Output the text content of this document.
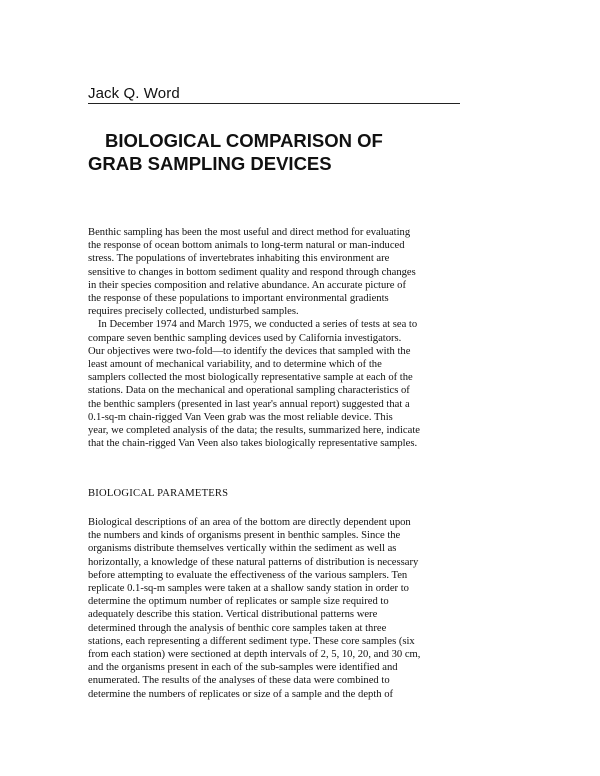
Jack Q. Word
BIOLOGICAL COMPARISON OF
GRAB SAMPLING DEVICES

Benthic sampling has been the most useful and direct method for evaluating
the response of ocean bottom animals to long-term natural or man-induced
stress. The populations of invertebrates inhabiting this environment are
sensitive to changes in bottom sediment quality and respond through changes
in their species composition and relative abundance. An accurate picture of
the response of these populations to important environmental gradients
requires precisely collected, undisturbed samples.

In December 1974 and March 1975, we conducted a series of tests at sea to
compare seven benthic sampling devices used by California investigators.
Our objectives were two-fold—to identify the devices that sampled with the
least amount of mechanical variability, and to determine which of the
samplers collected the most biologically representative sample at each of the
stations. Data on the mechanical and operational sampling characteristics of
the benthic samplers (presented in last year's annual report) suggested that a
0.1-sq-m chain-rigged Van Veen grab was the most reliable device. This
year, we completed analysis of the data; the results, summarized here, indicate
that the chain-rigged Van Veen also takes biologically representative samples.

BIOLOGICAL PARAMETERS

Biological descriptions of an area of the bottom are directly dependent upon
the numbers and kinds of organisms present in benthic samples. Since the
organisms distribute themselves vertically within the sediment as well as
horizontally, a knowledge of these natural patterns of distribution is necessary
before attempting to evaluate the effectiveness of the various samplers. Ten
replicate 0.1-sq-m samples were taken at a shallow sandy station in order to
determine the optimum number of replicates or sample size required to
adequately describe this station. Vertical distributional patterns were
determined through the analysis of benthic core samples taken at three
stations, each representing a different sediment type. These core samples (six
from each station) were sectioned at depth intervals of 2, 5, 10, 20, and 30 cm,
and the organisms present in each of the sub-samples were identified and
enumerated. The results of the analyses of these data were combined to
determine the numbers of replicates or size of a sample and the depth of
